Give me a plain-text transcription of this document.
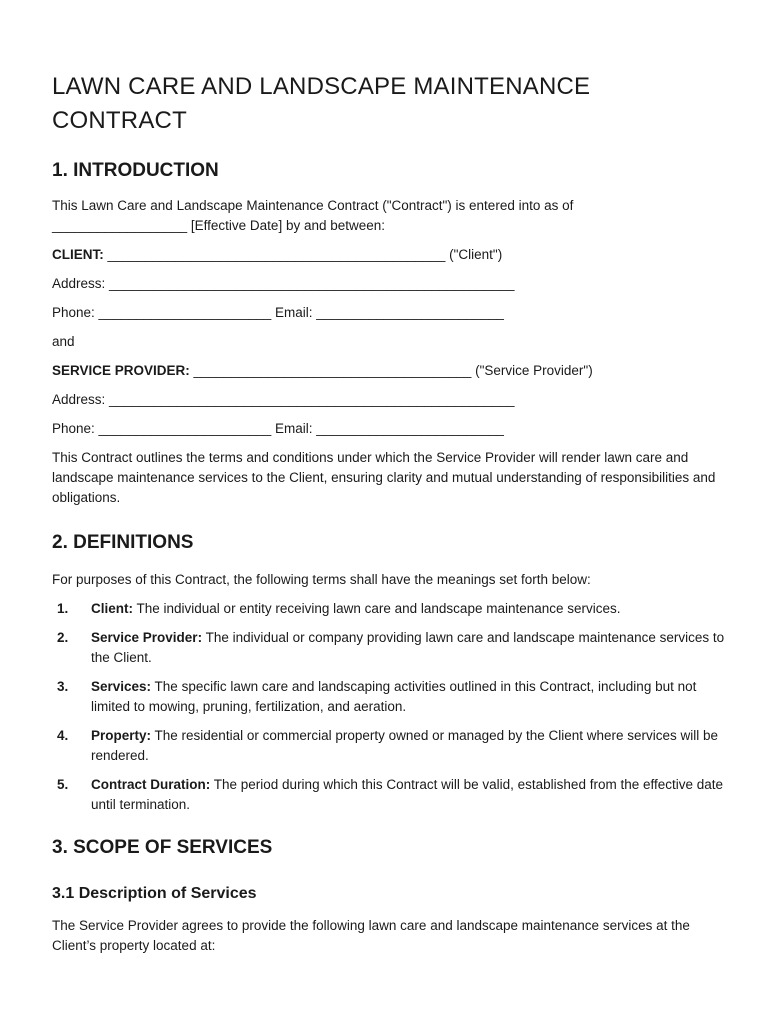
LAWN CARE AND LANDSCAPE MAINTENANCE CONTRACT
1. INTRODUCTION

This Lawn Care and Landscape Maintenance Contract ("Contract") is entered into as of

__________________ [Effective Date] by and between:

CLIENT: _____________________________________________ ("Client")
Address: ______________________________________________________
Phone: _______________________ Email: _________________________

and

SERVICE PROVIDER: _____________________________________ ("Service Provider")
Address: ______________________________________________________
Phone: _______________________ Email: _________________________

This Contract outlines the terms and conditions under which the Service Provider will render lawn care and landscape maintenance services to the Client, ensuring clarity and mutual understanding of responsibilities and obligations.

2. DEFINITIONS

For purposes of this Contract, the following terms shall have the meanings set forth below:

1. Client: The individual or entity receiving lawn care and landscape maintenance services.
2. Service Provider: The individual or company providing lawn care and landscape maintenance services to the Client.
3. Services: The specific lawn care and landscaping activities outlined in this Contract, including but not limited to mowing, pruning, fertilization, and aeration.
4. Property: The residential or commercial property owned or managed by the Client where services will be rendered.
5. Contract Duration: The period during which this Contract will be valid, established from the effective date until termination.
3. SCOPE OF SERVICES
3.1 Description of Services

The Service Provider agrees to provide the following lawn care and landscape maintenance services at the Client’s property located at:
